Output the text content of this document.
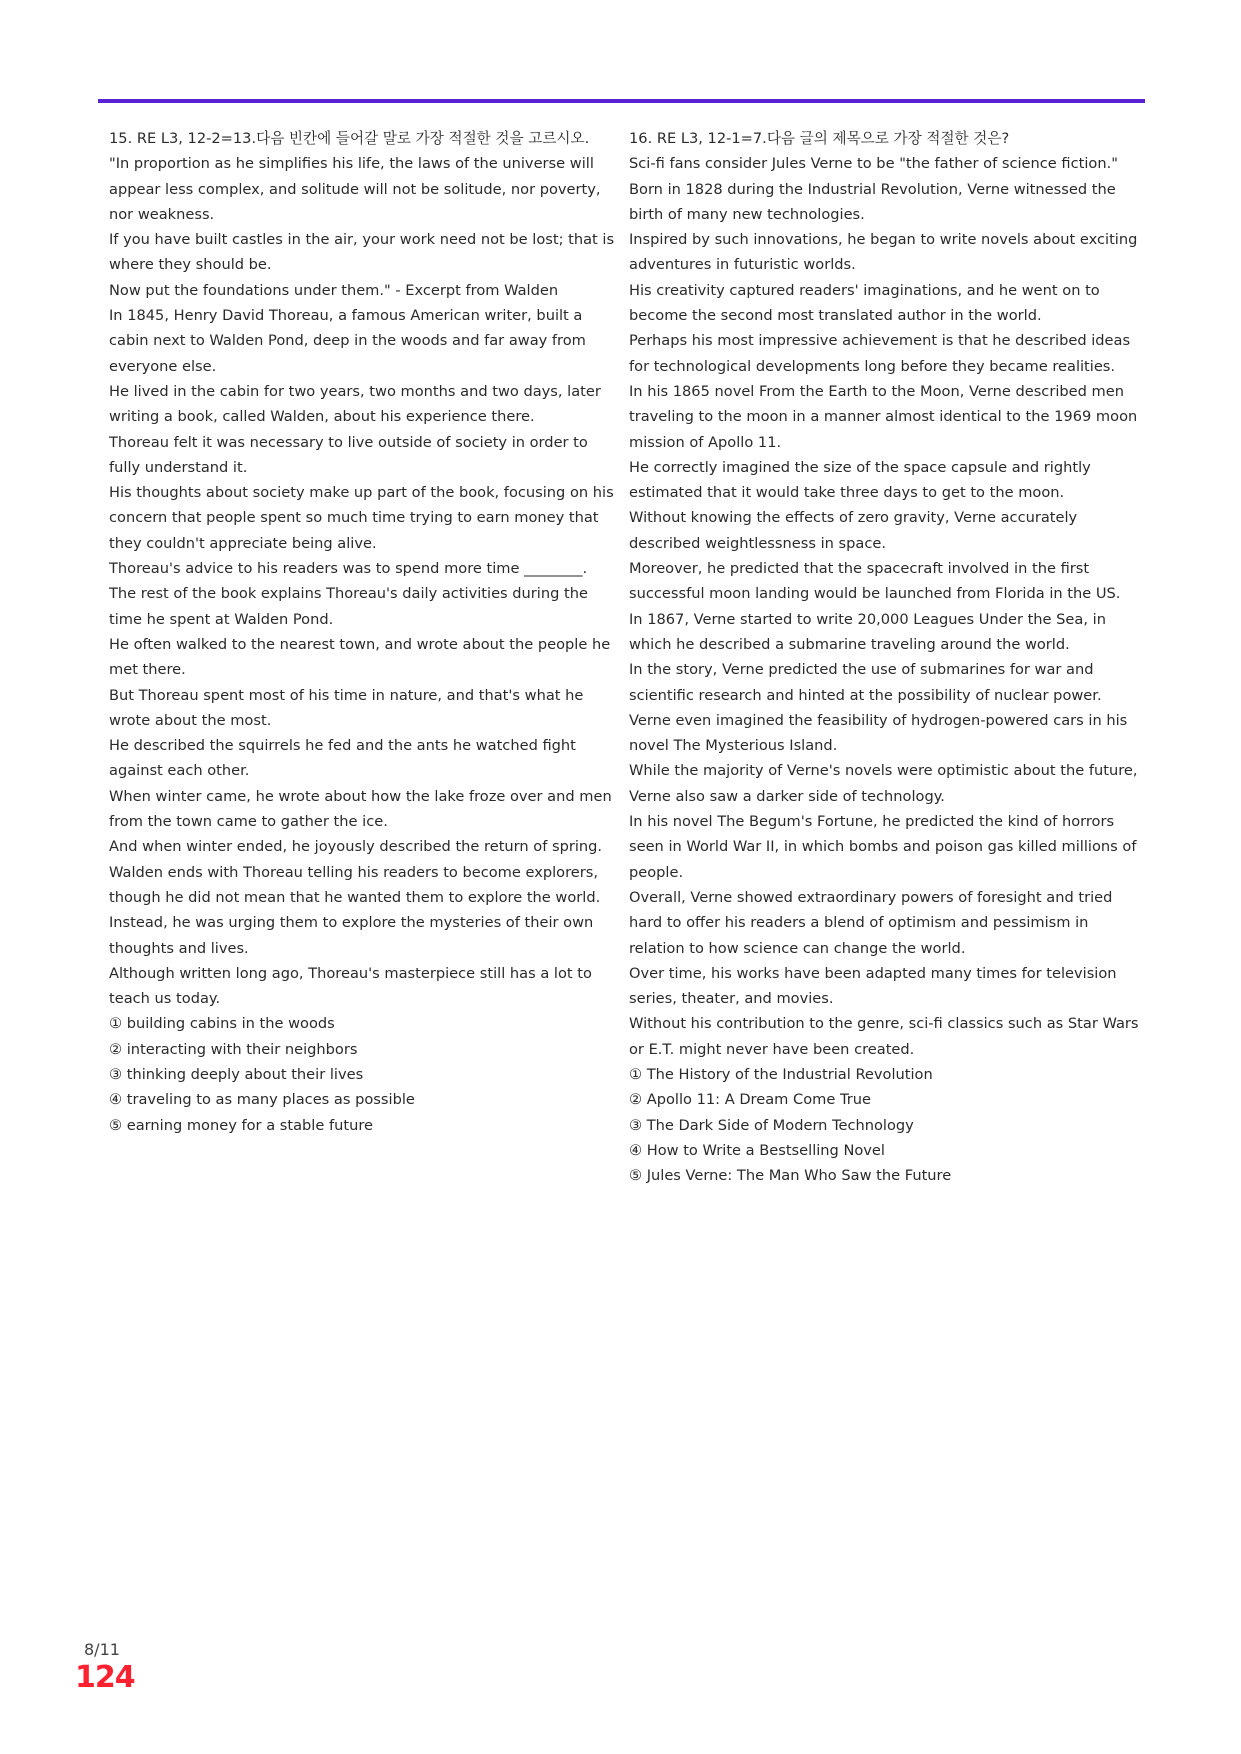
15. RE L3, 12-2=13.다음 빈칸에 들어갈 말로 가장 적절한 것을 고르시오.

"In proportion as he simplifies his life, the laws of the universe will appear less complex, and solitude will not be solitude, nor poverty, nor weakness.

If you have built castles in the air, your work need not be lost; that is where they should be.

Now put the foundations under them." - Excerpt from Walden

In 1845, Henry David Thoreau, a famous American writer, built a cabin next to Walden Pond, deep in the woods and far away from everyone else.

He lived in the cabin for two years, two months and two days, later writing a book, called Walden, about his experience there.

Thoreau felt it was necessary to live outside of society in order to fully understand it.

His thoughts about society make up part of the book, focusing on his concern that people spent so much time trying to earn money that they couldn't appreciate being alive.

Thoreau's advice to his readers was to spend more time ________.

The rest of the book explains Thoreau's daily activities during the time he spent at Walden Pond.

He often walked to the nearest town, and wrote about the people he met there.

But Thoreau spent most of his time in nature, and that's what he wrote about the most.

He described the squirrels he fed and the ants he watched fight against each other.

When winter came, he wrote about how the lake froze over and men from the town came to gather the ice.

And when winter ended, he joyously described the return of spring.

Walden ends with Thoreau telling his readers to become explorers, though he did not mean that he wanted them to explore the world.

Instead, he was urging them to explore the mysteries of their own thoughts and lives.

Although written long ago, Thoreau's masterpiece still has a lot to teach us today.

① building cabins in the woods

② interacting with their neighbors

③ thinking deeply about their lives

④ traveling to as many places as possible

⑤ earning money for a stable future

16. RE L3, 12-1=7.다음 글의 제목으로 가장 적절한 것은?

Sci-fi fans consider Jules Verne to be "the father of science fiction."

Born in 1828 during the Industrial Revolution, Verne witnessed the birth of many new technologies.

Inspired by such innovations, he began to write novels about exciting adventures in futuristic worlds.

His creativity captured readers' imaginations, and he went on to become the second most translated author in the world.

Perhaps his most impressive achievement is that he described ideas for technological developments long before they became realities.

In his 1865 novel From the Earth to the Moon, Verne described men traveling to the moon in a manner almost identical to the 1969 moon mission of Apollo 11.

He correctly imagined the size of the space capsule and rightly estimated that it would take three days to get to the moon.

Without knowing the effects of zero gravity, Verne accurately described weightlessness in space.

Moreover, he predicted that the spacecraft involved in the first successful moon landing would be launched from Florida in the US.

In 1867, Verne started to write 20,000 Leagues Under the Sea, in which he described a submarine traveling around the world.

In the story, Verne predicted the use of submarines for war and scientific research and hinted at the possibility of nuclear power.

Verne even imagined the feasibility of hydrogen-powered cars in his novel The Mysterious Island.

While the majority of Verne's novels were optimistic about the future, Verne also saw a darker side of technology.

In his novel The Begum's Fortune, he predicted the kind of horrors seen in World War II, in which bombs and poison gas killed millions of people.

Overall, Verne showed extraordinary powers of foresight and tried hard to offer his readers a blend of optimism and pessimism in relation to how science can change the world.

Over time, his works have been adapted many times for television series, theater, and movies.

Without his contribution to the genre, sci-fi classics such as Star Wars or E.T. might never have been created.

① The History of the Industrial Revolution

② Apollo 11: A Dream Come True

③ The Dark Side of Modern Technology

④ How to Write a Bestselling Novel

⑤ Jules Verne: The Man Who Saw the Future

8/11
124
